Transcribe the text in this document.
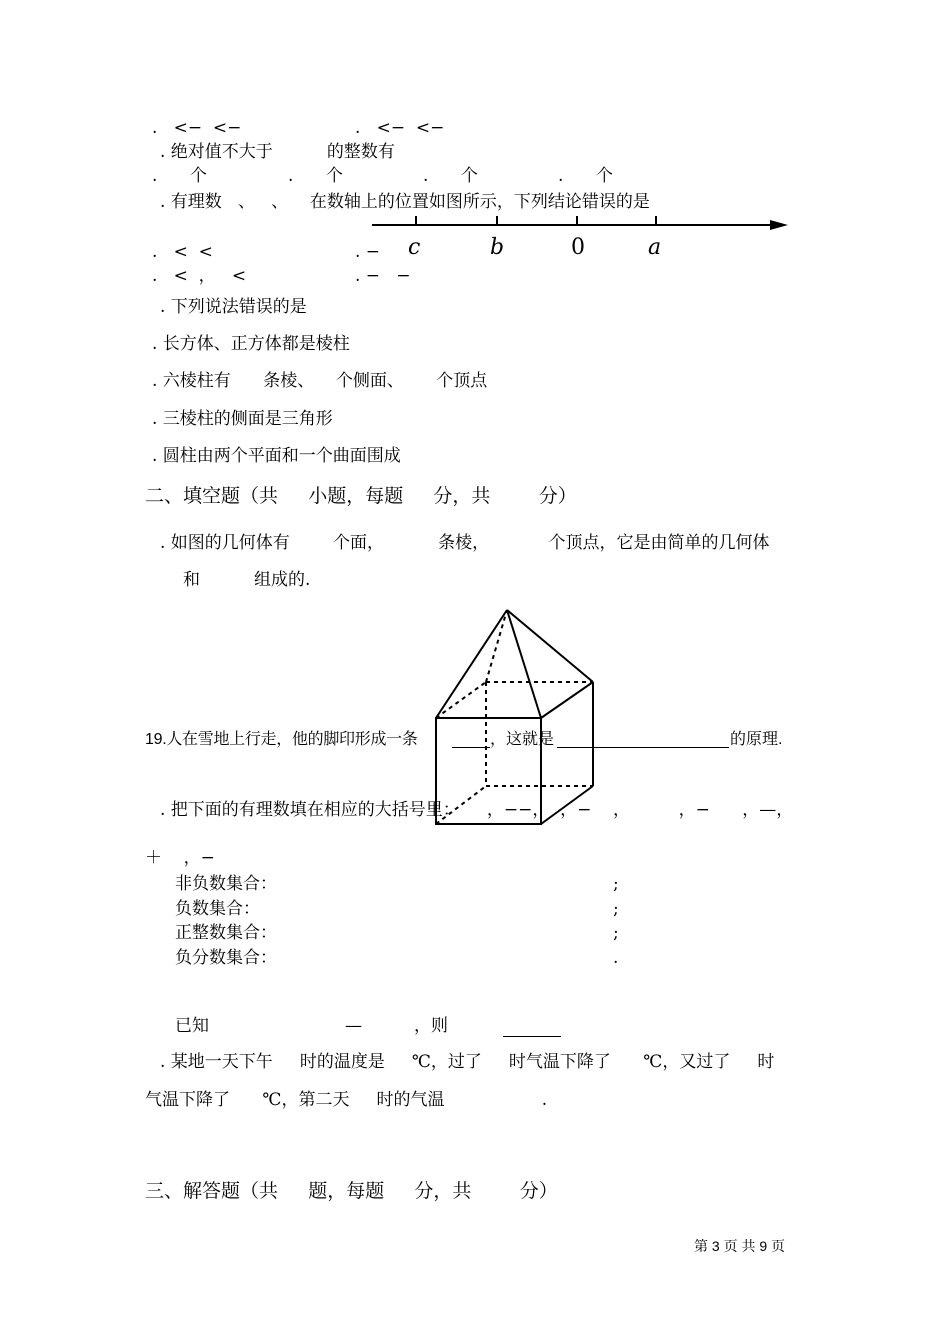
.   <−  <−	.   <−  <−
. 绝对值不大于          的整数有
.      个	.      个	.      个	.      个
. 有理数   、   、    在数轴上的位置如图所示，下列结论错误的是
c	b	0	a
.   <  <	. −
.   <  ，   <	. −   −
. 下列说法错误的是
. 长方体、正方体都是棱柱
. 六棱柱有      条棱、    个侧面、      个顶点
. 三棱柱的侧面是三角形
. 圆柱由两个平面和一个曲面围成
二、填空题（共     小题，每题     分，共        分）
. 如图的几何体有        个面，          条棱，           个顶点，它是由简单的几何体
和          组成的.
19.人在雪地上行走，他的脚印形成一条	，这就是	的原理.
. 把下面的有理数填在相应的大括号里：     ，−−，  ，−    ，         ，−      ，—，
＋    ，−
非负数集合：	;
负数集合：	;
正整数集合：	;
负分数集合：	.
已知	—	，则
. 某地一天下午     时的温度是     ℃，过了     时气温下降了      ℃，又过了     时
气温下降了      ℃，第二天     时的气温                  .
三、解答题（共     题，每题     分，共        分）
第 3 页 共 9 页
